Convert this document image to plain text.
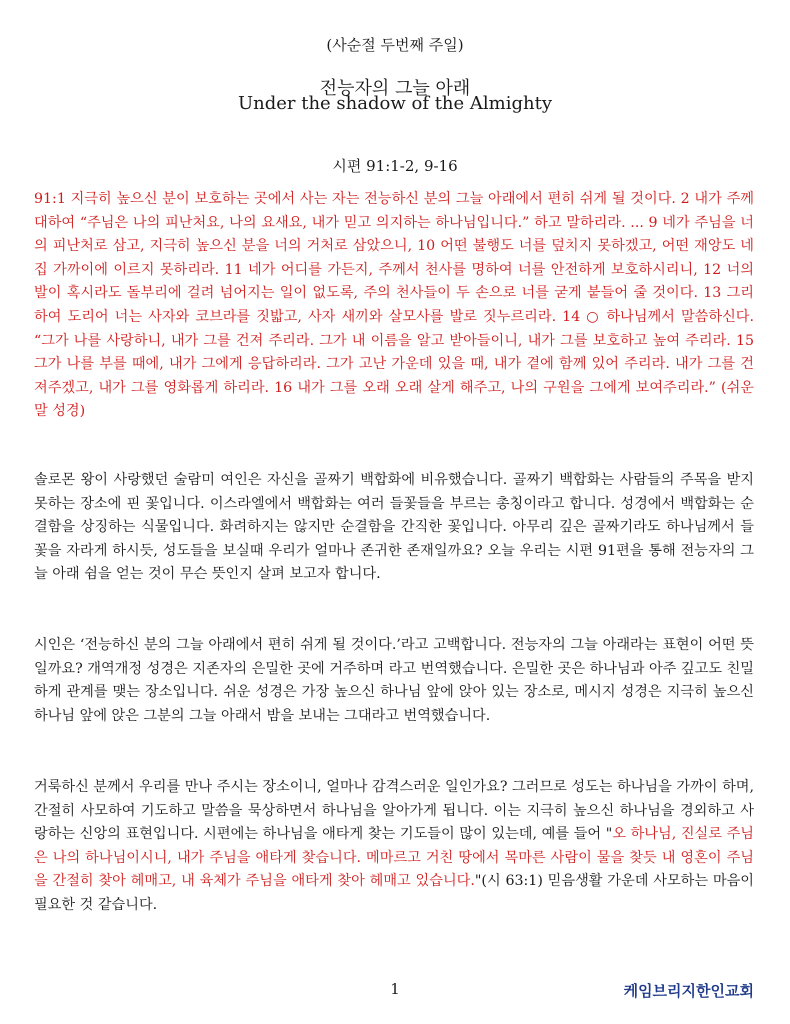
(사순절 두번째 주일)
전능자의 그늘 아래
Under the shadow of the Almighty
시편 91:1-2, 9-16

91:1 지극히 높으신 분이 보호하는 곳에서 사는 자는 전능하신 분의 그늘 아래에서 편히 쉬게 될 것이다. 2 내가 주께 대하여 “주님은 나의 피난처요, 나의 요새요, 내가 믿고 의지하는 하나님입니다.” 하고 말하리라. ... 9 네가 주님을 너의 피난처로 삼고, 지극히 높으신 분을 너의 거처로 삼았으니, 10 어떤 불행도 너를 덮치지 못하겠고, 어떤 재앙도 네 집 가까이에 이르지 못하리라. 11 네가 어디를 가든지, 주께서 천사를 명하여 너를 안전하게 보호하시리니, 12 너의 발이 혹시라도 돌부리에 걸려 넘어지는 일이 없도록, 주의 천사들이 두 손으로 너를 굳게 붙들어 줄 것이다. 13 그리하여 도리어 너는 사자와 코브라를 짓밟고, 사자 새끼와 살모사를 발로 짓누르리라. 14 ○ 하나님께서 말씀하신다. “그가 나를 사랑하니, 내가 그를 건져 주리라. 그가 내 이름을 알고 받아들이니, 내가 그를 보호하고 높여 주리라. 15 그가 나를 부를 때에, 내가 그에게 응답하리라. 그가 고난 가운데 있을 때, 내가 곁에 함께 있어 주리라. 내가 그를 건져주겠고, 내가 그를 영화롭게 하리라. 16 내가 그를 오래 오래 살게 해주고, 나의 구원을 그에게 보여주리라.” (쉬운말 성경)

솔로몬 왕이 사랑했던 술람미 여인은 자신을 골짜기 백합화에 비유했습니다. 골짜기 백합화는 사람들의 주목을 받지 못하는 장소에 핀 꽃입니다. 이스라엘에서 백합화는 여러 들꽃들을 부르는 총칭이라고 합니다. 성경에서 백합화는 순결함을 상징하는 식물입니다. 화려하지는 않지만 순결함을 간직한 꽃입니다. 아무리 깊은 골짜기라도 하나님께서 들꽃을 자라게 하시듯, 성도들을 보실때 우리가 얼마나 존귀한 존재일까요? 오늘 우리는 시편 91편을 통해 전능자의 그늘 아래 쉼을 얻는 것이 무슨 뜻인지 살펴 보고자 합니다.

시인은 ‘전능하신 분의 그늘 아래에서 편히 쉬게 될 것이다.’라고 고백합니다. 전능자의 그늘 아래라는 표현이 어떤 뜻일까요? 개역개정 성경은 지존자의 은밀한 곳에 거주하며 라고 번역했습니다. 은밀한 곳은 하나님과 아주 깊고도 친밀하게 관계를 맺는 장소입니다. 쉬운 성경은 가장 높으신 하나님 앞에 앉아 있는 장소로, 메시지 성경은 지극히 높으신 하나님 앞에 앉은 그분의 그늘 아래서 밤을 보내는 그대라고 번역했습니다.

거룩하신 분께서 우리를 만나 주시는 장소이니, 얼마나 감격스러운 일인가요? 그러므로 성도는 하나님을 가까이 하며, 간절히 사모하여 기도하고 말씀을 묵상하면서 하나님을 알아가게 됩니다. 이는 지극히 높으신 하나님을 경외하고 사랑하는 신앙의 표현입니다. 시편에는 하나님을 애타게 찾는 기도들이 많이 있는데, 예를 들어 "오 하나님, 진실로 주님은 나의 하나님이시니, 내가 주님을 애타게 찾습니다. 메마르고 거친 땅에서 목마른 사람이 물을 찾듯 내 영혼이 주님을 간절히 찾아 헤매고, 내 육체가 주님을 애타게 찾아 헤매고 있습니다."(시 63:1) 믿음생활 가운데 사모하는 마음이 필요한 것 같습니다.

1	케임브리지한인교회
